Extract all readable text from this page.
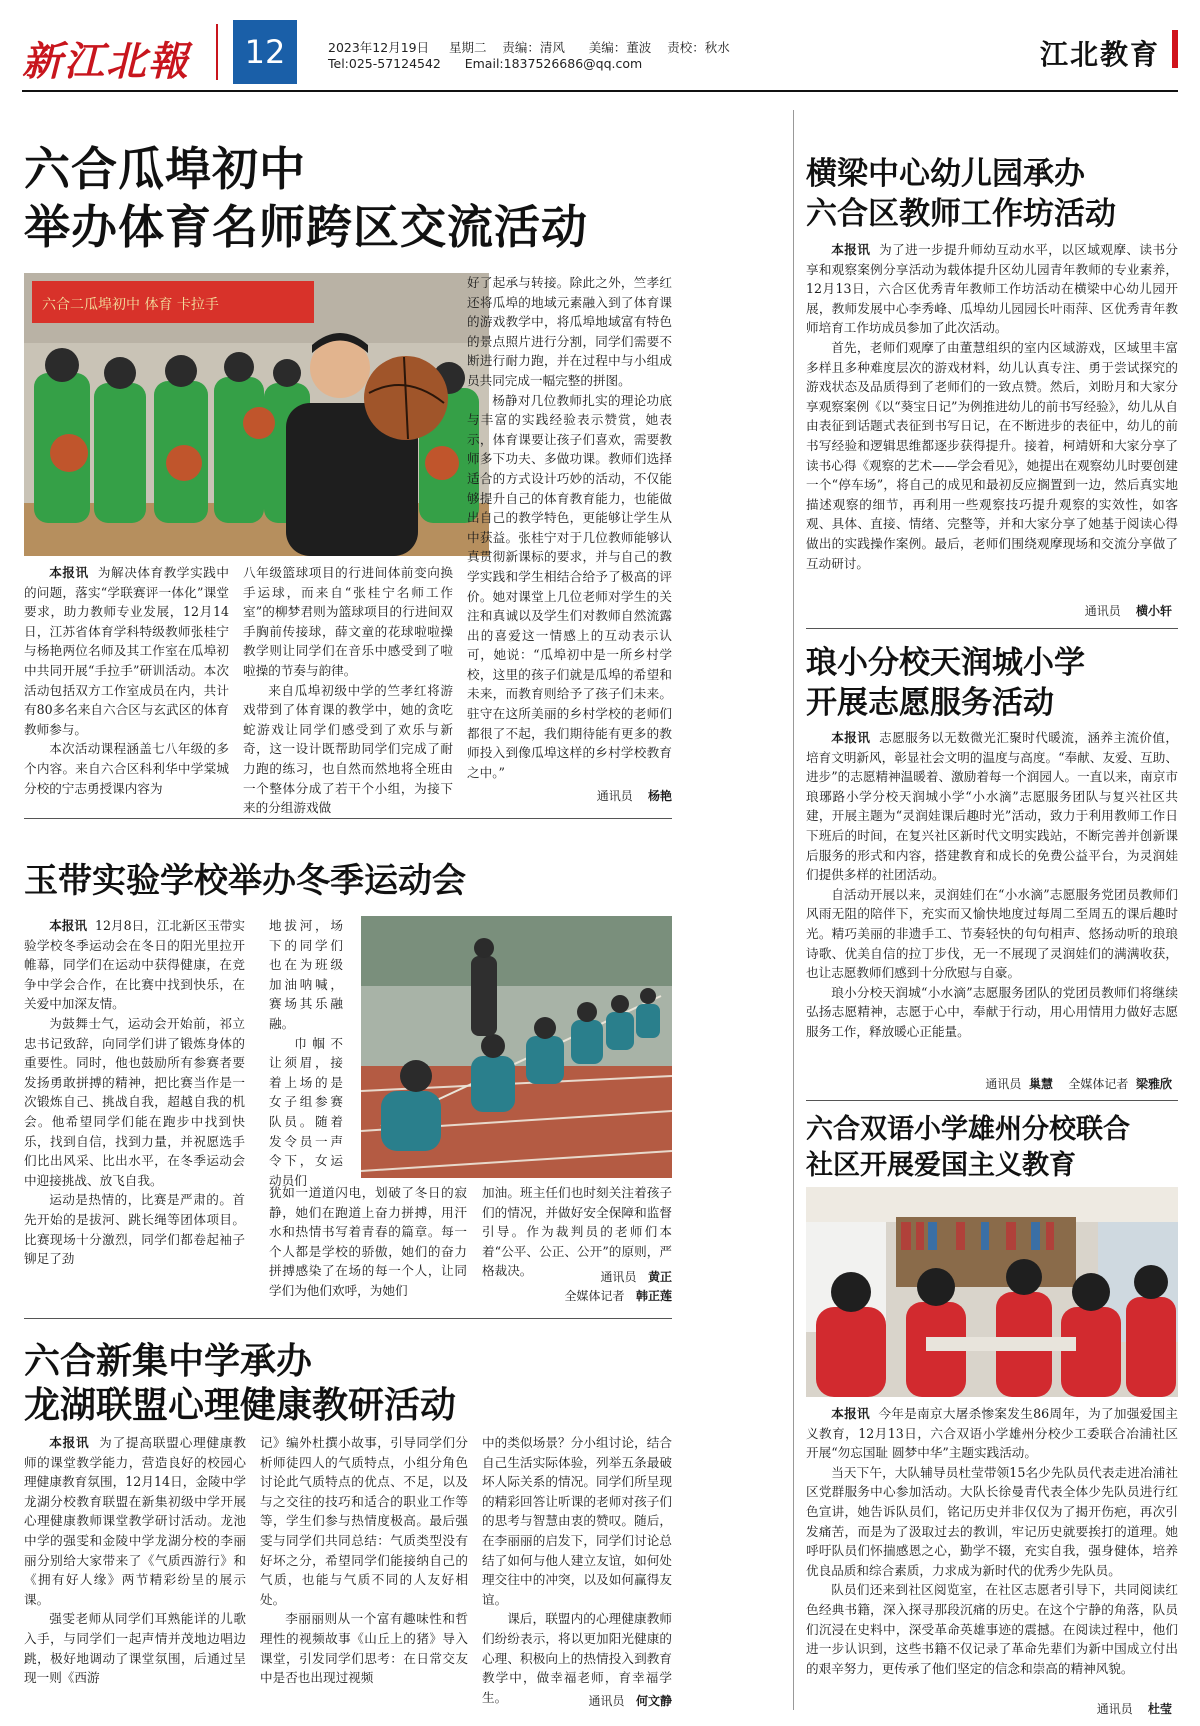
新江北報	12	2023年12月19日 星期二 责编：清风 美编：董波 责校：秋水
Tel:025-57124542 Email:1837526686@qq.com	江北教育
六合瓜埠初中
举办体育名师跨区交流活动
六合二瓜埠初中 体育 卡拉手

本报讯 为解决体育教学实践中的问题，落实“学联赛评一体化”课堂要求，助力教师专业发展，12月14日，江苏省体育学科特级教师张桂宁与杨艳两位名师及其工作室在瓜埠初中共同开展“手拉手”研训活动。本次活动包括双方工作室成员在内，共计有80多名来自六合区与玄武区的体育教师参与。

本次活动课程涵盖七八年级的多个内容。来自六合区科利华中学棠城分校的宁志勇授课内容为

八年级篮球项目的行进间体前变向换手运球，而来自“张桂宁名师工作室”的柳梦君则为篮球项目的行进间双手胸前传接球，薛文童的花球啦啦操教学则让同学们在音乐中感受到了啦啦操的节奏与韵律。

来自瓜埠初级中学的竺孝红将游戏带到了体育课的教学中，她的贪吃蛇游戏让同学们感受到了欢乐与新奇，这一设计既帮助同学们完成了耐力跑的练习，也自然而然地将全班由一个整体分成了若干个小组，为接下来的分组游戏做

好了起承与转接。除此之外，竺孝红还将瓜埠的地域元素融入到了体育课的游戏教学中，将瓜埠地域富有特色的景点照片进行分割，同学们需要不断进行耐力跑，并在过程中与小组成员共同完成一幅完整的拼图。

杨静对几位教师扎实的理论功底与丰富的实践经验表示赞赏，她表示，体育课要让孩子们喜欢，需要教师多下功夫、多做功课。教师们选择适合的方式设计巧妙的活动，不仅能够提升自己的体育教育能力，也能做出自己的教学特色，更能够让学生从中获益。张桂宁对于几位教师能够认真贯彻新课标的要求，并与自己的教学实践和学生相结合给予了极高的评价。她对课堂上几位老师对学生的关注和真诚以及学生们对教师自然流露出的喜爱这一情感上的互动表示认可，她说：“瓜埠初中是一所乡村学校，这里的孩子们就是瓜埠的希望和未来，而教育则给予了孩子们未来。驻守在这所美丽的乡村学校的老师们都很了不起，我们期待能有更多的教师投入到像瓜埠这样的乡村学校教育之中。”

通讯员 杨艳
玉带实验学校举办冬季运动会

本报讯 12月8日，江北新区玉带实验学校冬季运动会在冬日的阳光里拉开帷幕，同学们在运动中获得健康，在竞争中学会合作，在比赛中找到快乐，在关爱中加深友情。

为鼓舞士气，运动会开始前，祁立忠书记致辞，向同学们讲了锻炼身体的重要性。同时，他也鼓励所有参赛者要发扬勇敢拼搏的精神，把比赛当作是一次锻炼自己、挑战自我，超越自我的机会。他希望同学们能在跑步中找到快乐，找到自信，找到力量，并祝愿选手们比出风采、比出水平，在冬季运动会中迎接挑战、放飞自我。

运动是热情的，比赛是严肃的。首先开始的是拔河、跳长绳等团体项目。比赛现场十分激烈，同学们都卷起袖子铆足了劲

地拔河，场下的同学们也在为班级加油呐喊，赛场其乐融融。

巾帼不让须眉，接着上场的是女子组参赛队员。随着发令员一声令下，女运动员们

犹如一道道闪电，划破了冬日的寂静，她们在跑道上奋力拼搏，用汗水和热情书写着青春的篇章。每一个人都是学校的骄傲，她们的奋力拼搏感染了在场的每一个人，让同学们为他们欢呼，为她们

加油。班主任们也时刻关注着孩子们的情况，并做好安全保障和监督引导。作为裁判员的老师们本着“公平、公正、公开”的原则，严格裁决。	通讯员 黄正
全媒体记者 韩正莲
六合新集中学承办
龙湖联盟心理健康教研活动

本报讯 为了提高联盟心理健康教师的课堂教学能力，营造良好的校园心理健康教育氛围，12月14日，金陵中学龙湖分校教育联盟在新集初级中学开展心理健康教师课堂教学研讨活动。龙池中学的强雯和金陵中学龙湖分校的李丽丽分别给大家带来了《气质西游行》和《拥有好人缘》两节精彩纷呈的展示课。

强雯老师从同学们耳熟能详的儿歌入手，与同学们一起声情并茂地边唱边跳，极好地调动了课堂氛围，后通过呈现一则《西游

记》编外杜撰小故事，引导同学们分析师徒四人的气质特点，小组分角色讨论此气质特点的优点、不足，以及与之交往的技巧和适合的职业工作等等，学生们参与热情度极高。最后强雯与同学们共同总结：气质类型没有好坏之分，希望同学们能接纳自己的气质，也能与气质不同的人友好相处。

李丽丽则从一个富有趣味性和哲理性的视频故事《山丘上的猪》导入课堂，引发同学们思考：在日常交友中是否也出现过视频

中的类似场景？分小组讨论，结合自己生活实际体验，列举五条最破坏人际关系的情况。同学们所呈现的精彩回答让听课的老师对孩子们的思考与智慧由衷的赞叹。随后，在李丽丽的启发下，同学们讨论总结了如何与他人建立友谊，如何处理交往中的冲突，以及如何赢得友谊。

课后，联盟内的心理健康教师们纷纷表示，将以更加阳光健康的心理、积极向上的热情投入到教育教学中，做幸福老师，育幸福学生。	通讯员 何文静
横梁中心幼儿园承办
六合区教师工作坊活动

本报讯 为了进一步提升师幼互动水平，以区域观摩、读书分享和观察案例分享活动为载体提升区幼儿园青年教师的专业素养，12月13日，六合区优秀青年教师工作坊活动在横梁中心幼儿园开展，教师发展中心李秀峰、瓜埠幼儿园园长叶雨萍、区优秀青年教师培育工作坊成员参加了此次活动。

首先，老师们观摩了由董慧组织的室内区域游戏，区域里丰富多样且多种难度层次的游戏材料，幼儿认真专注、勇于尝试探究的游戏状态及品质得到了老师们的一致点赞。然后，刘盼月和大家分享观察案例《以“葵宝日记”为例推进幼儿的前书写经验》，幼儿从自由表征到话题式表征到书写日记，在不断进步的表征中，幼儿的前书写经验和逻辑思维都逐步获得提升。接着，柯靖妍和大家分享了读书心得《观察的艺术——学会看见》，她提出在观察幼儿时要创建一个“停车场”，将自己的成见和最初反应搁置到一边，然后真实地描述观察的细节，再利用一些观察技巧提升观察的实效性，如客观、具体、直接、情绪、完整等，并和大家分享了她基于阅读心得做出的实践操作案例。最后，老师们围绕观摩现场和交流分享做了互动研讨。

通讯员 横小轩
琅小分校天润城小学
开展志愿服务活动

本报讯 志愿服务以无数微光汇聚时代暖流，涵养主流价值，培育文明新风，彰显社会文明的温度与高度。“奉献、友爱、互助、进步”的志愿精神温暖着、激励着每一个润园人。一直以来，南京市琅琊路小学分校天润城小学“小水滴”志愿服务团队与复兴社区共建，开展主题为“灵润娃课后趣时光”活动，致力于利用教师工作日下班后的时间，在复兴社区新时代文明实践站，不断完善并创新课后服务的形式和内容，搭建教育和成长的免费公益平台，为灵润娃们提供多样的社团活动。

自活动开展以来，灵润娃们在“小水滴”志愿服务党团员教师们风雨无阻的陪伴下，充实而又愉快地度过每周二至周五的课后趣时光。精巧美丽的非遗手工、节奏轻快的句句相声、悠扬动听的琅琅诗歌、优美自信的拉丁步伐，无一不展现了灵润娃们的满满收获，也让志愿教师们感到十分欣慰与自豪。

琅小分校天润城“小水滴”志愿服务团队的党团员教师们将继续弘扬志愿精神，志愿于心中，奉献于行动，用心用情用力做好志愿服务工作，释放暖心正能量。

通讯员 巢慧 全媒体记者 梁雅欣
六合双语小学雄州分校联合
社区开展爱国主义教育

本报讯 今年是南京大屠杀惨案发生86周年，为了加强爱国主义教育，12月13日，六合双语小学雄州分校少工委联合冶浦社区开展“勿忘国耻 圆梦中华”主题实践活动。

当天下午，大队辅导员杜莹带领15名少先队员代表走进冶浦社区党群服务中心参加活动。大队长徐曼青代表全体少先队员进行红色宣讲，她告诉队员们，铭记历史并非仅仅为了揭开伤疤，再次引发痛苦，而是为了汲取过去的教训，牢记历史就要挨打的道理。她呼吁队员们怀揣感恩之心，勤学不辍，充实自我，强身健体，培养优良品质和综合素质，力求成为新时代的优秀少先队员。

队员们还来到社区阅览室，在社区志愿者引导下，共同阅读红色经典书籍，深入探寻那段沉痛的历史。在这个宁静的角落，队员们沉浸在史料中，深受革命英雄事迹的震撼。在阅读过程中，他们进一步认识到，这些书籍不仅记录了革命先辈们为新中国成立付出的艰辛努力，更传承了他们坚定的信念和崇高的精神风貌。

通讯员 杜莹
